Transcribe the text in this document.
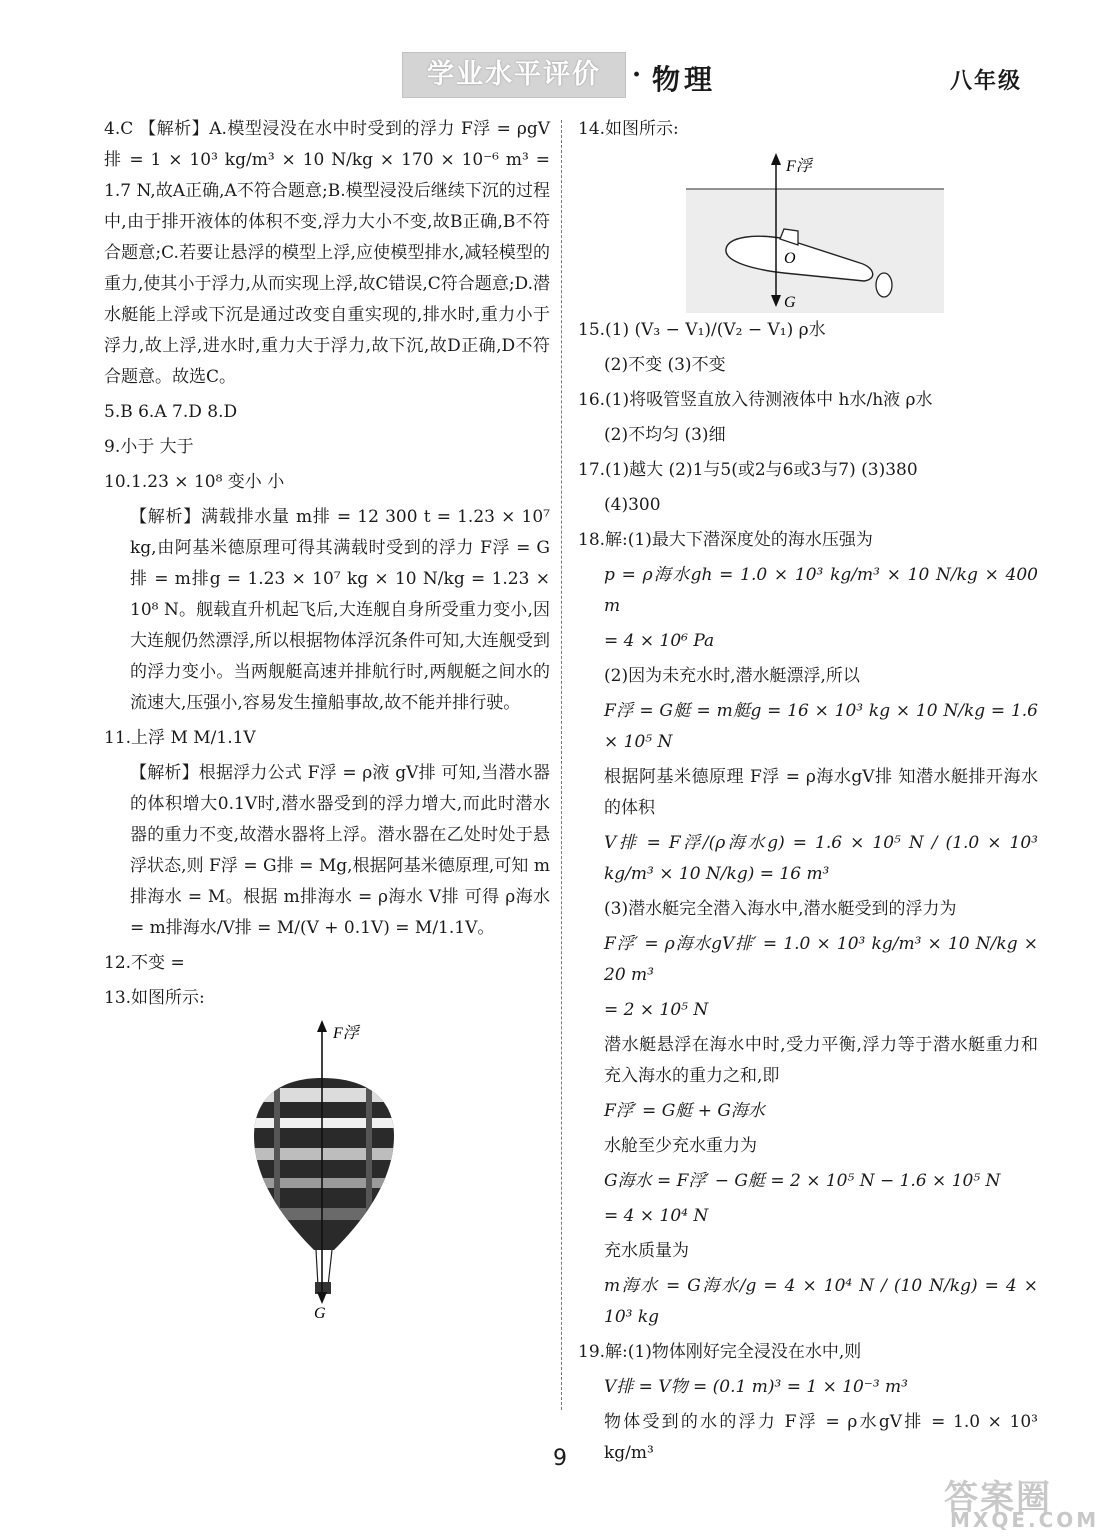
学业水平评价	· 物理	八年级

4.C 【解析】A.模型浸没在水中时受到的浮力 F浮 = ρgV排 = 1 × 10³ kg/m³ × 10 N/kg × 170 × 10⁻⁶ m³ = 1.7 N,故A正确,A不符合题意;B.模型浸没后继续下沉的过程中,由于排开液体的体积不变,浮力大小不变,故B正确,B不符合题意;C.若要让悬浮的模型上浮,应使模型排水,减轻模型的重力,使其小于浮力,从而实现上浮,故C错误,C符合题意;D.潜水艇能上浮或下沉是通过改变自重实现的,排水时,重力小于浮力,故上浮,进水时,重力大于浮力,故下沉,故D正确,D不符合题意。故选C。

5.B 6.A 7.D 8.D

9.小于 大于

10.1.23 × 10⁸ 变小 小

【解析】满载排水量 m排 = 12 300 t = 1.23 × 10⁷ kg,由阿基米德原理可得其满载时受到的浮力 F浮 = G排 = m排g = 1.23 × 10⁷ kg × 10 N/kg = 1.23 × 10⁸ N。舰载直升机起飞后,大连舰自身所受重力变小,因大连舰仍然漂浮,所以根据物体浮沉条件可知,大连舰受到的浮力变小。当两舰艇高速并排航行时,两舰艇之间水的流速大,压强小,容易发生撞船事故,故不能并排行驶。

11.上浮 M M/1.1V

【解析】根据浮力公式 F浮 = ρ液 gV排 可知,当潜水器的体积增大0.1V时,潜水器受到的浮力增大,而此时潜水器的重力不变,故潜水器将上浮。潜水器在乙处时处于悬浮状态,则 F浮 = G排 = Mg,根据阿基米德原理,可知 m排海水 = M。根据 m排海水 = ρ海水 V排 可得 ρ海水 = m排海水/V排 = M/(V + 0.1V) = M/1.1V。

12.不变 =

13.如图所示:

F浮
G

14.如图所示:

F浮
O
G

15.(1) (V₃ − V₁)/(V₂ − V₁) ρ水

(2)不变 (3)不变

16.(1)将吸管竖直放入待测液体中 h水/h液 ρ水

(2)不均匀 (3)细

17.(1)越大 (2)1与5(或2与6或3与7) (3)380

(4)300

18.解:(1)最大下潜深度处的海水压强为

p = ρ海水gh = 1.0 × 10³ kg/m³ × 10 N/kg × 400 m

= 4 × 10⁶ Pa

(2)因为未充水时,潜水艇漂浮,所以

F浮 = G艇 = m艇g = 16 × 10³ kg × 10 N/kg = 1.6 × 10⁵ N

根据阿基米德原理 F浮 = ρ海水gV排 知潜水艇排开海水的体积

V排 = F浮/(ρ海水g) = 1.6 × 10⁵ N / (1.0 × 10³ kg/m³ × 10 N/kg) = 16 m³

(3)潜水艇完全潜入海水中,潜水艇受到的浮力为

F浮′ = ρ海水gV排′ = 1.0 × 10³ kg/m³ × 10 N/kg × 20 m³

= 2 × 10⁵ N

潜水艇悬浮在海水中时,受力平衡,浮力等于潜水艇重力和充入海水的重力之和,即

F浮′ = G艇 + G海水

水舱至少充水重力为

G海水 = F浮′ − G艇 = 2 × 10⁵ N − 1.6 × 10⁵ N

= 4 × 10⁴ N

充水质量为

m海水 = G海水/g = 4 × 10⁴ N / (10 N/kg) = 4 × 10³ kg

19.解:(1)物体刚好完全浸没在水中,则

V排 = V物 = (0.1 m)³ = 1 × 10⁻³ m³

物体受到的水的浮力 F浮 = ρ水gV排 = 1.0 × 10³ kg/m³

9
答案圈
MXQE.COM
